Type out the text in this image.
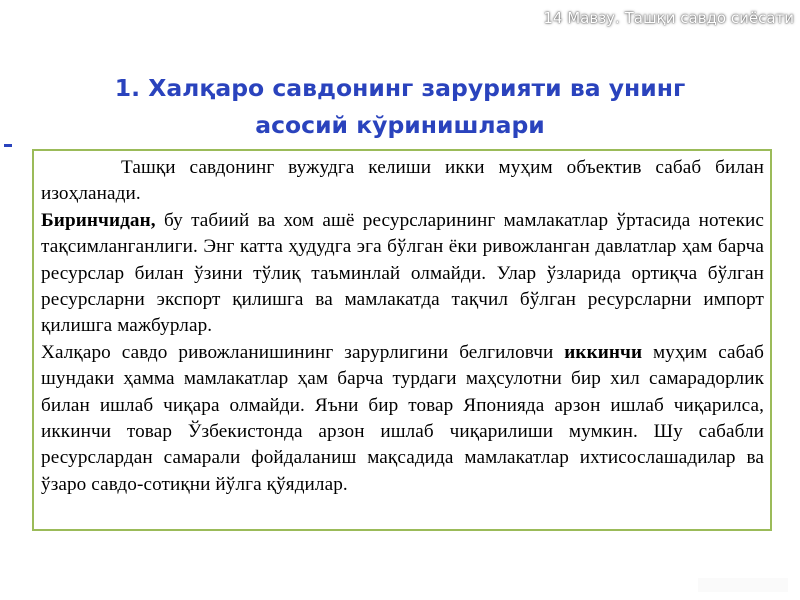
14 Мавзу. Ташқи савдо сиёсати
1. Халқаро савдонинг зарурияти ва унинг
асосий кўринишлари

Ташқи савдонинг вужудга келиши икки муҳим объектив сабаб билан изоҳланади.

Биринчидан, бу табиий ва хом ашё ресурсларининг мамлакатлар ўртасида нотекис тақсимланганлиги. Энг катта ҳудудга эга бўлган ёки ривожланган давлатлар ҳам барча ресурслар билан ўзини тўлиқ таъминлай олмайди. Улар ўзларида ортиқча бўлган ресурсларни экспорт қилишга ва мамлакатда тақчил бўлган ресурсларни импорт қилишга мажбурлар.

Халқаро савдо ривожланишининг зарурлигини белгиловчи иккинчи муҳим сабаб шундаки ҳамма мамлакатлар ҳам барча турдаги маҳсулотни бир хил самарадорлик билан ишлаб чиқара олмайди. Яъни бир товар Японияда арзон ишлаб чиқарилса, иккинчи товар Ўзбекистонда арзон ишлаб чиқарилиши мумкин. Шу сабабли ресурслардан самарали фойдаланиш мақсадида мамлакатлар ихтисослашадилар ва ўзаро савдо-сотиқни йўлга қўядилар.
